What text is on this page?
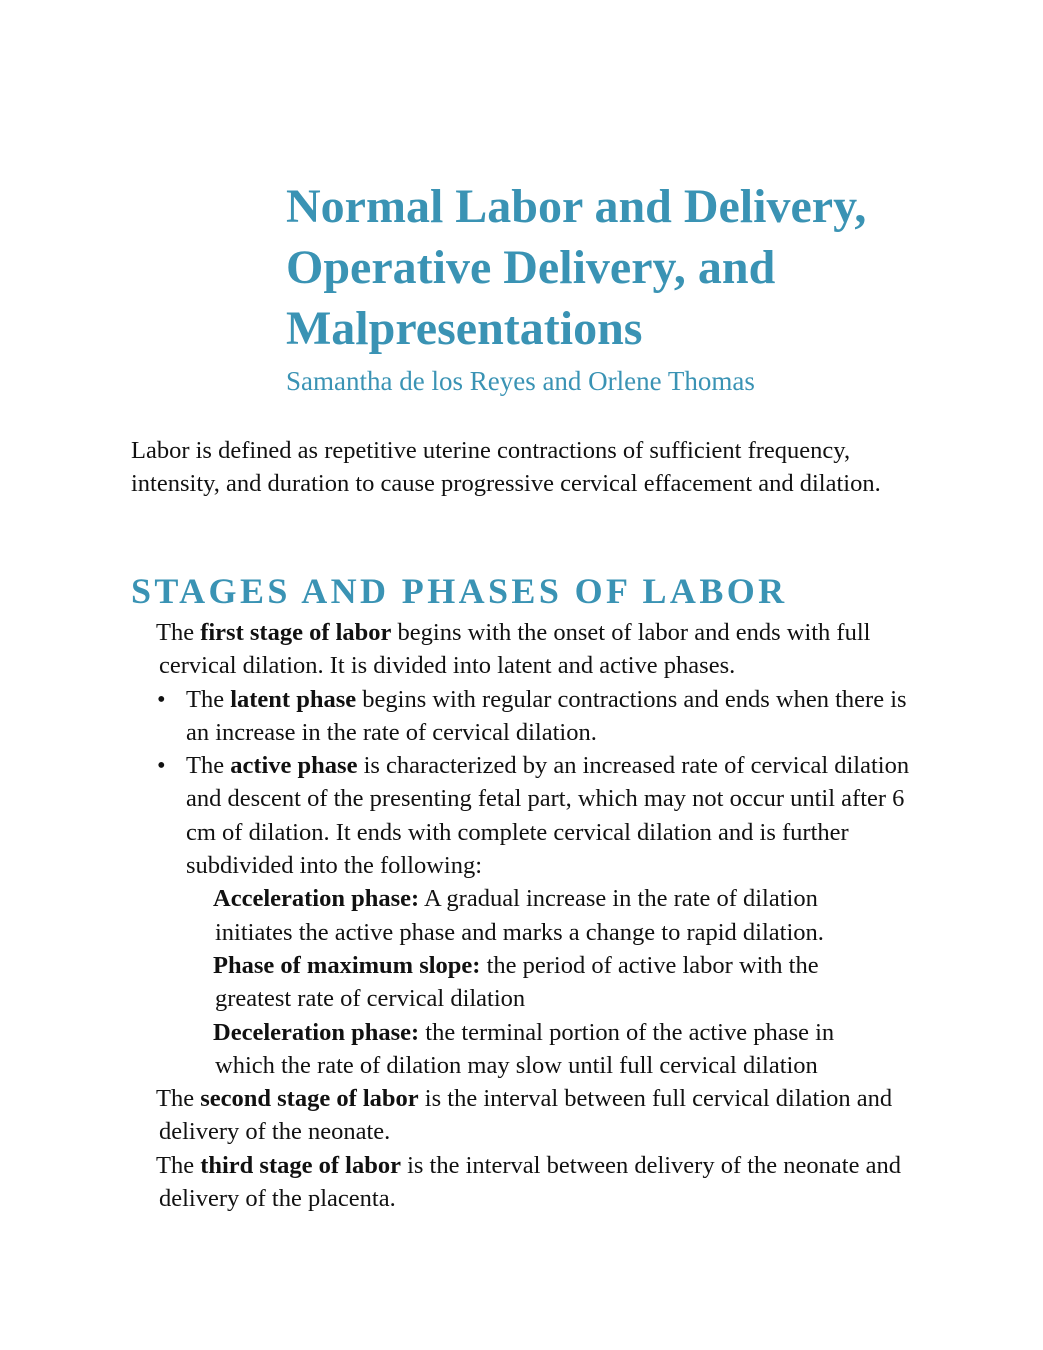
Normal Labor and Delivery,
Operative Delivery, and
Malpresentations

Samantha de los Reyes and Orlene Thomas

Labor is defined as repetitive uterine contractions of sufficient frequency, intensity, and duration to cause progressive cervical effacement and dilation.

STAGES AND PHASES OF LABOR

The first stage of labor begins with the onset of labor and ends with full cervical dilation. It is divided into latent and active phases.

• The latent phase begins with regular contractions and ends when there is an increase in the rate of cervical dilation.

• The active phase is characterized by an increased rate of cervical dilation and descent of the presenting fetal part, which may not occur until after 6 cm of dilation. It ends with complete cervical dilation and is further subdivided into the following:

Acceleration phase: A gradual increase in the rate of dilation initiates the active phase and marks a change to rapid dilation.

Phase of maximum slope: the period of active labor with the greatest rate of cervical dilation

Deceleration phase: the terminal portion of the active phase in which the rate of dilation may slow until full cervical dilation

The second stage of labor is the interval between full cervical dilation and delivery of the neonate.

The third stage of labor is the interval between delivery of the neonate and delivery of the placenta.
